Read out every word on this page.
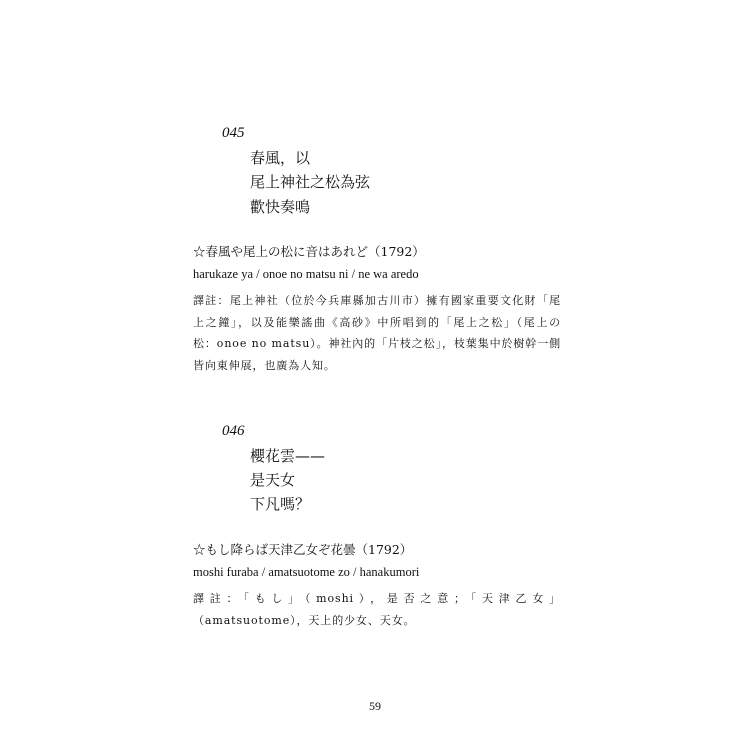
045
春風，以
尾上神社之松為弦
歡快奏鳴
☆春風や尾上の松に音はあれど（1792）
harukaze ya / onoe no matsu ni / ne wa aredo
譯註：尾上神社（位於今兵庫縣加古川市）擁有國家重要文化財「尾上之鐘」，以及能樂謠曲《高砂》中所唱到的「尾上之松」（尾上の松：onoe no matsu）。神社內的「片枝之松」，枝葉集中於樹幹一側皆向東伸展，也廣為人知。
046
櫻花雲——
是天女
下凡嗎？
☆もし降らば天津乙女ぞ花曇（1792）
moshi furaba / amatsuotome zo / hanakumori
譯註：「もし」（moshi），是否之意；「天津乙女」（amatsuotome），天上的少女、天女。
59
